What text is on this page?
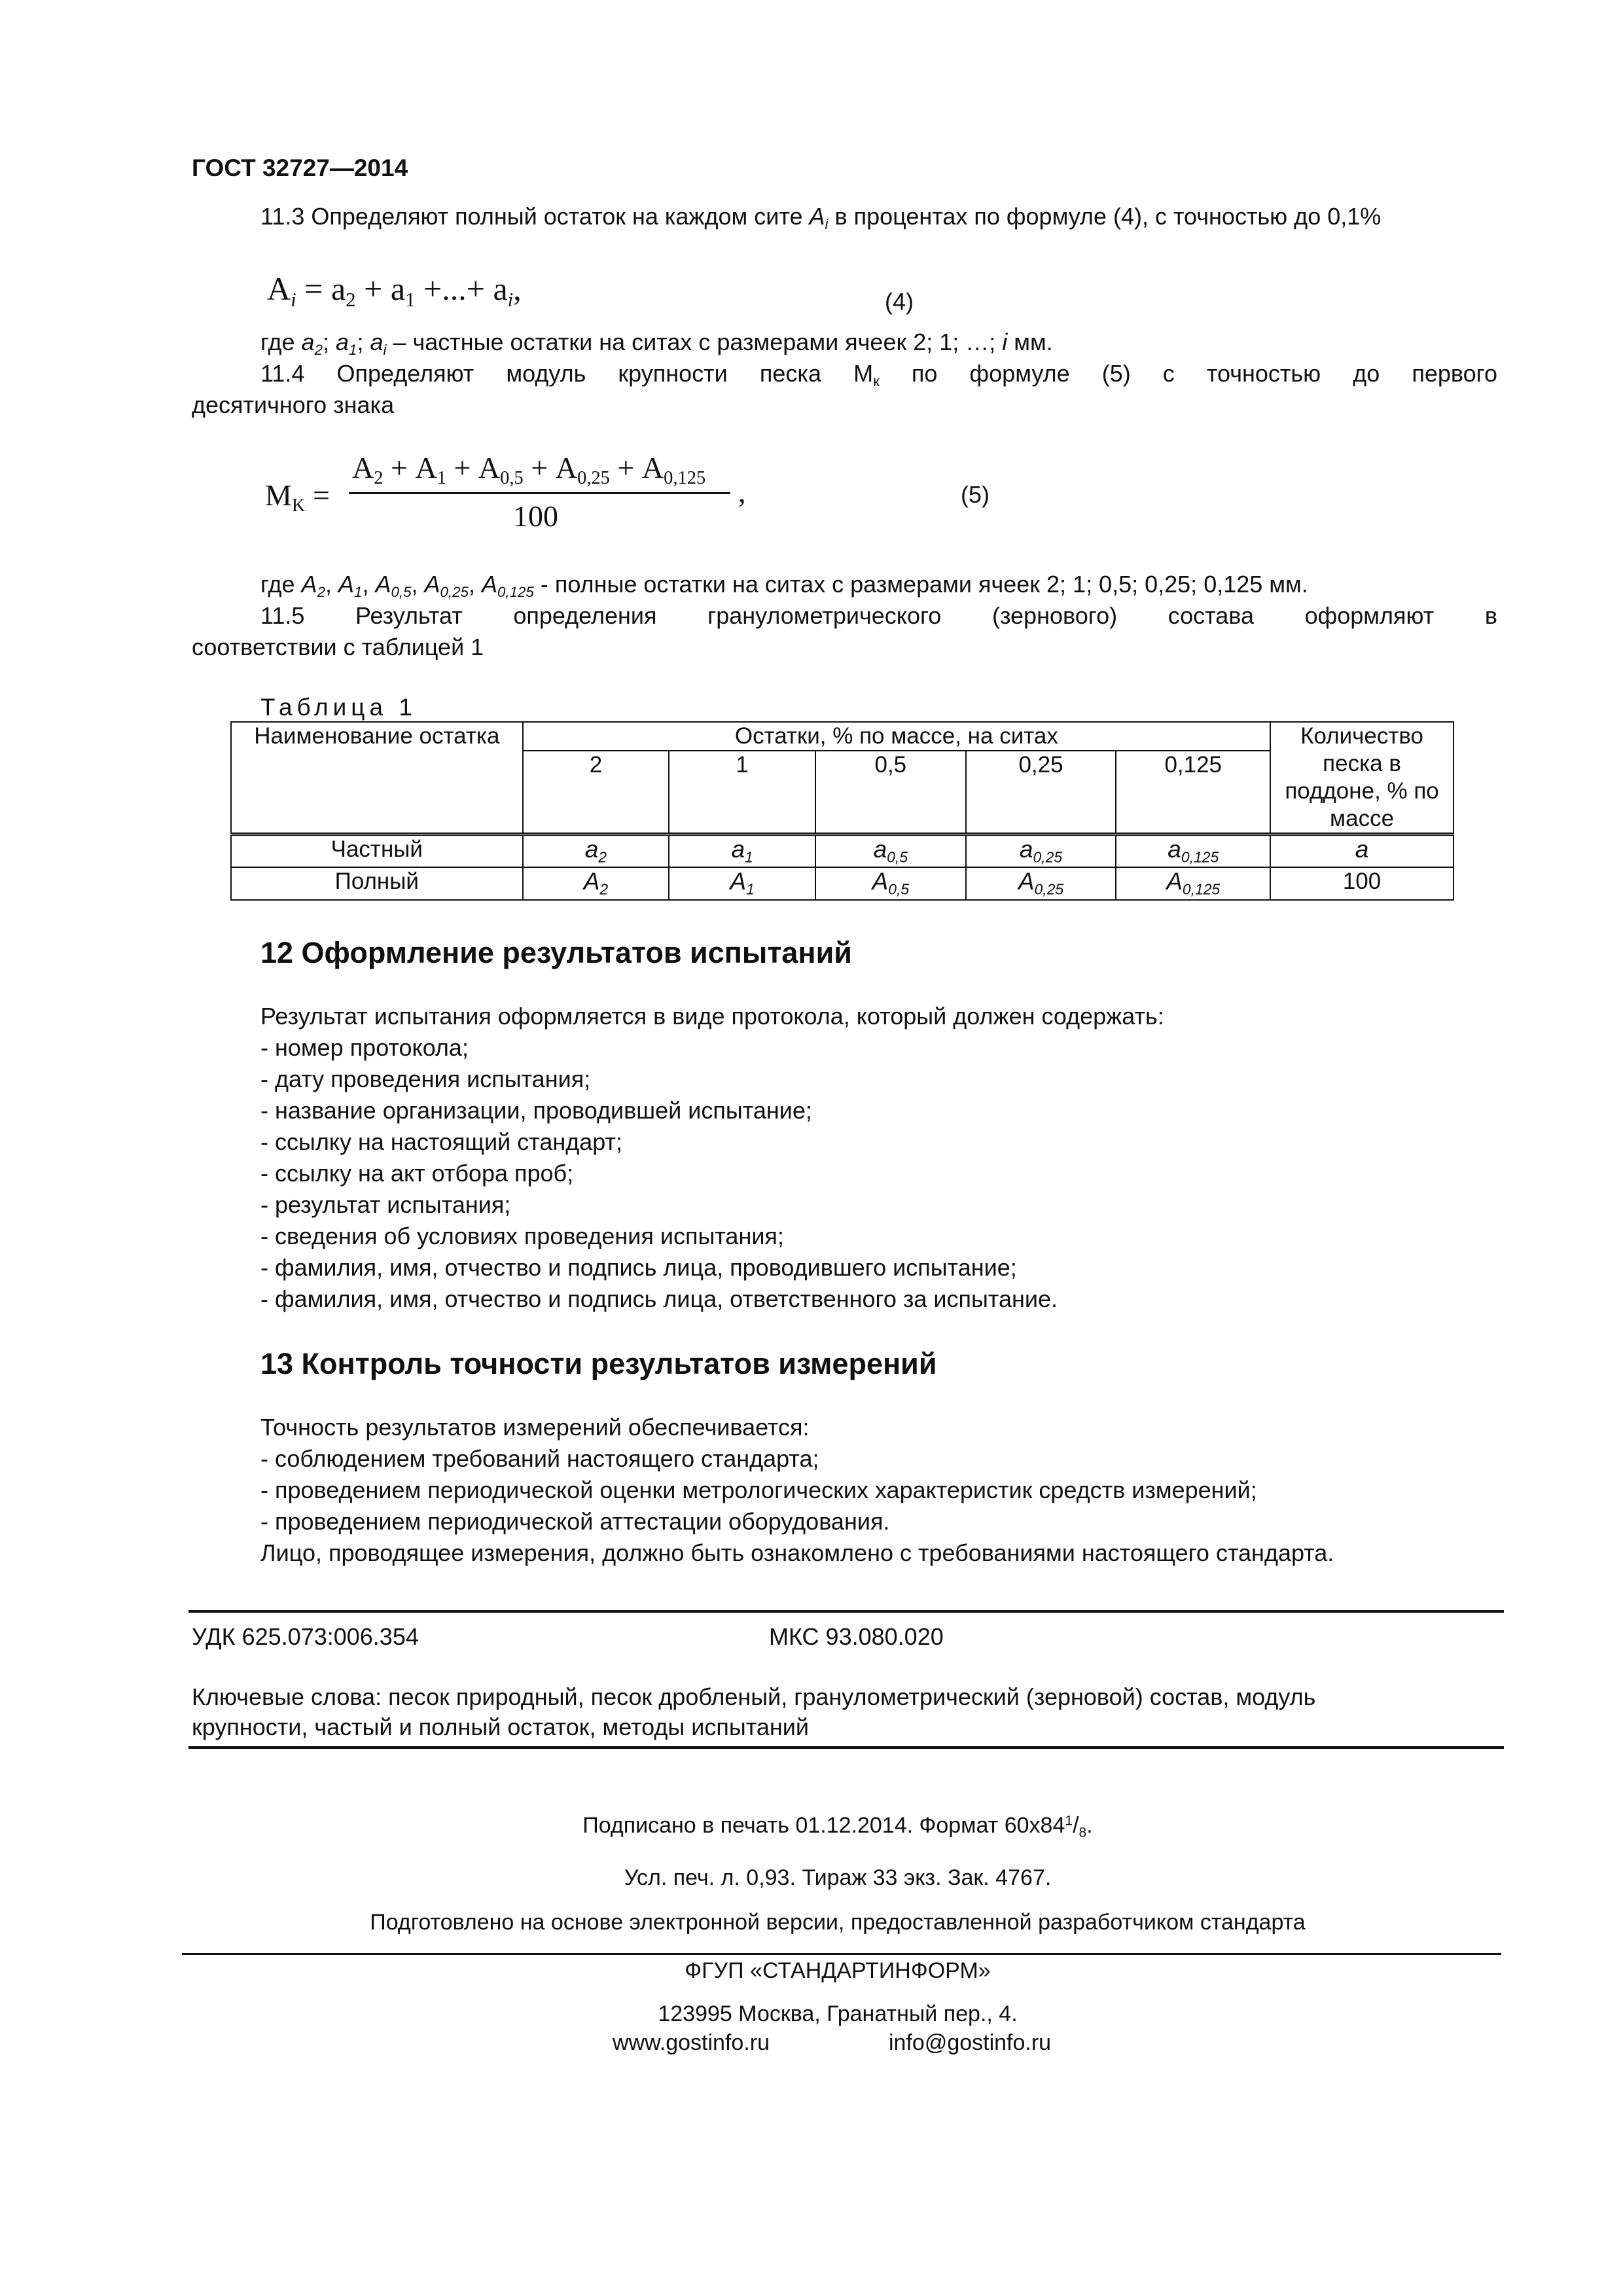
ГОСТ 32727—2014
11.3 Определяют полный остаток на каждом сите $A_i$ в процентах по формуле (4), с точностью до 0,1%
$A_i = a_2 + a_1$ +...+ $a_i$,	(4)
где $a_2$; $a_1$; $a_i$ – частные остатки на ситах с размерами ячеек 2; 1; …; i мм.
11.4 Определяют модуль крупности песка $М_к$ по формуле (5) с точностью до первого
десятичного знака
$M_K$ =
$A_2 + A_1 + A_{0,5} + A_{0,25} + A_{0,125}$
100
,	(5)
где $A_2$, $A_1$, $A_{0,5}$, $A_{0,25}$, $A_{0,125}$ - полные остатки на ситах с размерами ячеек 2; 1; 0,5; 0,25; 0,125 мм.
11.5 Результат определения гранулометрического (зернового) состава оформляют в
соответствии с таблицей 1
Таблица 1
Наименование остатка	Остатки, % по массе, на ситах					Количество песка в поддоне, % по массе
	2	1	0,5	0,25	0,125	
Частный	$a_2$	$a_1$	$a_{0,5}$	$a_{0,25}$	$a_{0,125}$	a
Полный	$A_2$	$A_1$	$A_{0,5}$	$A_{0,25}$	$A_{0,125}$	100
12 Оформление результатов испытаний
Результат испытания оформляется в виде протокола, который должен содержать:
- номер протокола;
- дату проведения испытания;
- название организации, проводившей испытание;
- ссылку на настоящий стандарт;
- ссылку на акт отбора проб;
- результат испытания;
- сведения об условиях проведения испытания;
- фамилия, имя, отчество и подпись лица, проводившего испытание;
- фамилия, имя, отчество и подпись лица, ответственного за испытание.
13 Контроль точности результатов измерений
Точность результатов измерений обеспечивается:
- соблюдением требований настоящего стандарта;
- проведением периодической оценки метрологических характеристик средств измерений;
- проведением периодической аттестации оборудования.
Лицо, проводящее измерения, должно быть ознакомлено с требованиями настоящего стандарта.
УДК 625.073:006.354	МКС 93.080.020
Ключевые слова: песок природный, песок дробленый, гранулометрический (зерновой) состав, модуль
крупности, частый и полный остаток, методы испытаний
Подписано в печать 01.12.2014. Формат $60x84^1/_8$.
Усл. печ. л. 0,93. Тираж 33 экз. Зак. 4767.
Подготовлено на основе электронной версии, предоставленной разработчиком стандарта
ФГУП «СТАНДАРТИНФОРМ»
123995 Москва, Гранатный пер., 4.
www.gostinfo.ru	info@gostinfo.ru
